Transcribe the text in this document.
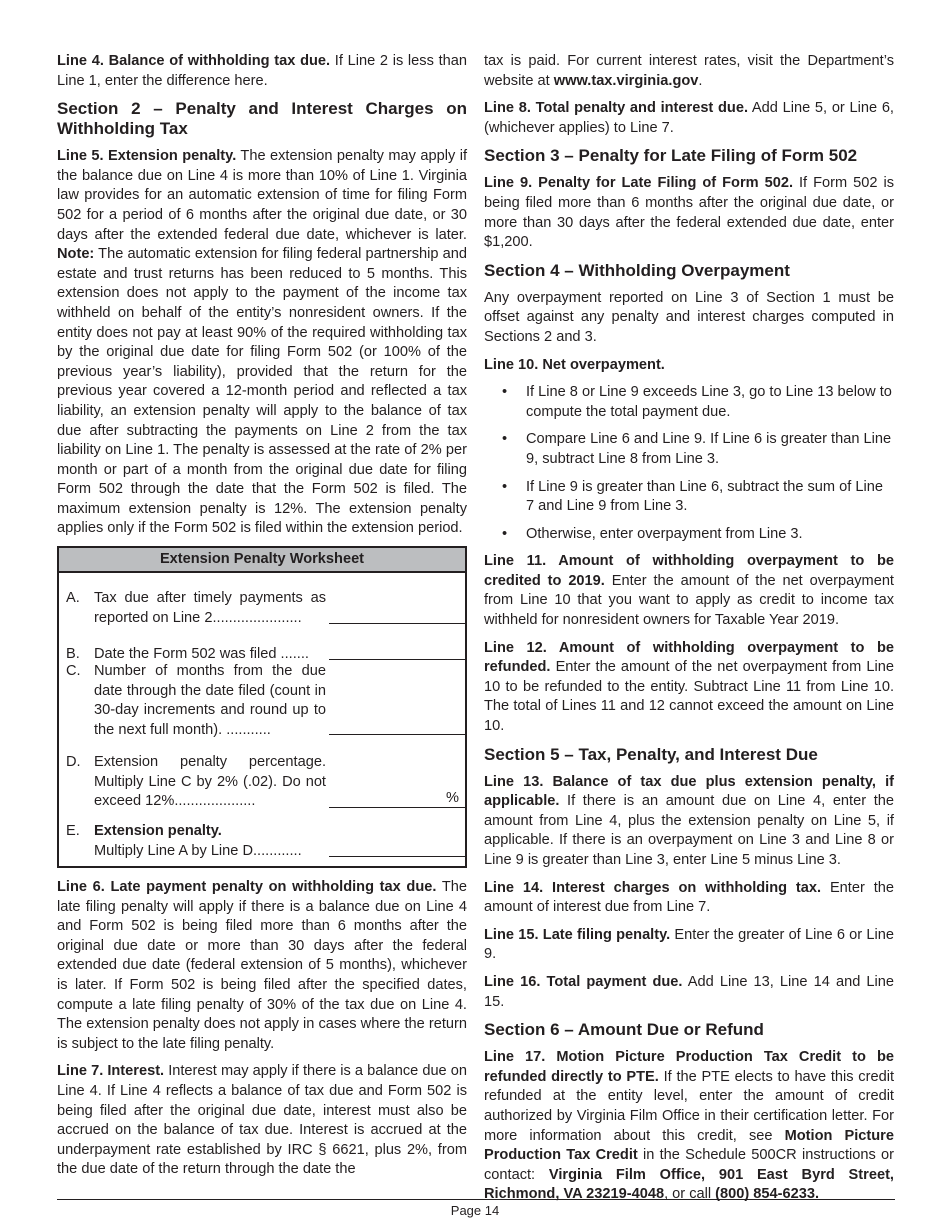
Line 4. Balance of withholding tax due. If Line 2 is less than Line 1, enter the difference here.

Section 2 – Penalty and Interest Charges on Withholding Tax

Line 5. Extension penalty. The extension penalty may apply if the balance due on Line 4 is more than 10% of Line 1. Virginia law provides for an automatic extension of time for filing Form 502 for a period of 6 months after the original due date, or 30 days after the extended federal due date, whichever is later. Note: The automatic extension for filing federal partnership and estate and trust returns has been reduced to 5 months. This extension does not apply to the payment of the income tax withheld on behalf of the entity’s nonresident owners. If the entity does not pay at least 90% of the required withholding tax by the original due date for filing Form 502 (or 100% of the previous year’s liability), provided that the return for the previous year covered a 12-month period and reflected a tax liability, an extension penalty will apply to the balance of tax due after subtracting the payments on Line 2 from the tax liability on Line 1. The penalty is assessed at the rate of 2% per month or part of a month from the original due date for filing Form 502 through the date that the Form 502 is filed. The maximum extension penalty is 12%. The extension penalty applies only if the Form 502 is filed within the extension period.

Extension Penalty Worksheet
A. Tax due after timely payments as reported on Line 2......................
B. Date the Form 502 was filed .......
C. Number of months from the due date through the date filed (count in 30-day increments and round up to the next full month). ...........
D. Extension penalty percentage. Multiply Line C by 2% (.02). Do not exceed 12%....................	%
E. Extension penalty.
Multiply Line A by Line D............

Line 6. Late payment penalty on withholding tax due. The late filing penalty will apply if there is a balance due on Line 4 and Form 502 is being filed more than 6 months after the original due date or more than 30 days after the federal extended due date (federal extension of 5 months), whichever is later. If Form 502 is being filed after the specified dates, compute a late filing penalty of 30% of the tax due on Line 4. The extension penalty does not apply in cases where the return is subject to the late filing penalty.

Line 7. Interest. Interest may apply if there is a balance due on Line 4. If Line 4 reflects a balance of tax due and Form 502 is being filed after the original due date, interest must also be accrued on the balance of tax due. Interest is accrued at the underpayment rate established by IRC § 6621, plus 2%, from the due date of the return through the date the

tax is paid. For current interest rates, visit the Department’s website at www.tax.virginia.gov.

Line 8. Total penalty and interest due. Add Line 5, or Line 6, (whichever applies) to Line 7.

Section 3 – Penalty for Late Filing of Form 502

Line 9. Penalty for Late Filing of Form 502. If Form 502 is being filed more than 6 months after the original due date, or more than 30 days after the federal extended due date, enter $1,200.

Section 4 – Withholding Overpayment

Any overpayment reported on Line 3 of Section 1 must be offset against any penalty and interest charges computed in Sections 2 and 3.

Line 10. Net overpayment.

• If Line 8 or Line 9 exceeds Line 3, go to Line 13 below to compute the total payment due.
• Compare Line 6 and Line 9. If Line 6 is greater than Line 9, subtract Line 8 from Line 3.
• If Line 9 is greater than Line 6, subtract the sum of Line 7 and Line 9 from Line 3.
• Otherwise, enter overpayment from Line 3.

Line 11. Amount of withholding overpayment to be credited to 2019. Enter the amount of the net overpayment from Line 10 that you want to apply as credit to income tax withheld for nonresident owners for Taxable Year 2019.

Line 12. Amount of withholding overpayment to be refunded. Enter the amount of the net overpayment from Line 10 to be refunded to the entity. Subtract Line 11 from Line 10. The total of Lines 11 and 12 cannot exceed the amount on Line 10.

Section 5 – Tax, Penalty, and Interest Due

Line 13. Balance of tax due plus extension penalty, if applicable. If there is an amount due on Line 4, enter the amount from Line 4, plus the extension penalty on Line 5, if applicable. If there is an overpayment on Line 3 and Line 8 or Line 9 is greater than Line 3, enter Line 5 minus Line 3.

Line 14. Interest charges on withholding tax. Enter the amount of interest due from Line 7.

Line 15. Late filing penalty. Enter the greater of Line 6 or Line 9.

Line 16. Total payment due. Add Line 13, Line 14 and Line 15.

Section 6 – Amount Due or Refund

Line 17. Motion Picture Production Tax Credit to be refunded directly to PTE. If the PTE elects to have this credit refunded at the entity level, enter the amount of credit authorized by Virginia Film Office in their certification letter. For more information about this credit, see Motion Picture Production Tax Credit in the Schedule 500CR instructions or contact: Virginia Film Office, 901 East Byrd Street, Richmond, VA 23219-4048, or call (800) 854-6233.

Page 14
